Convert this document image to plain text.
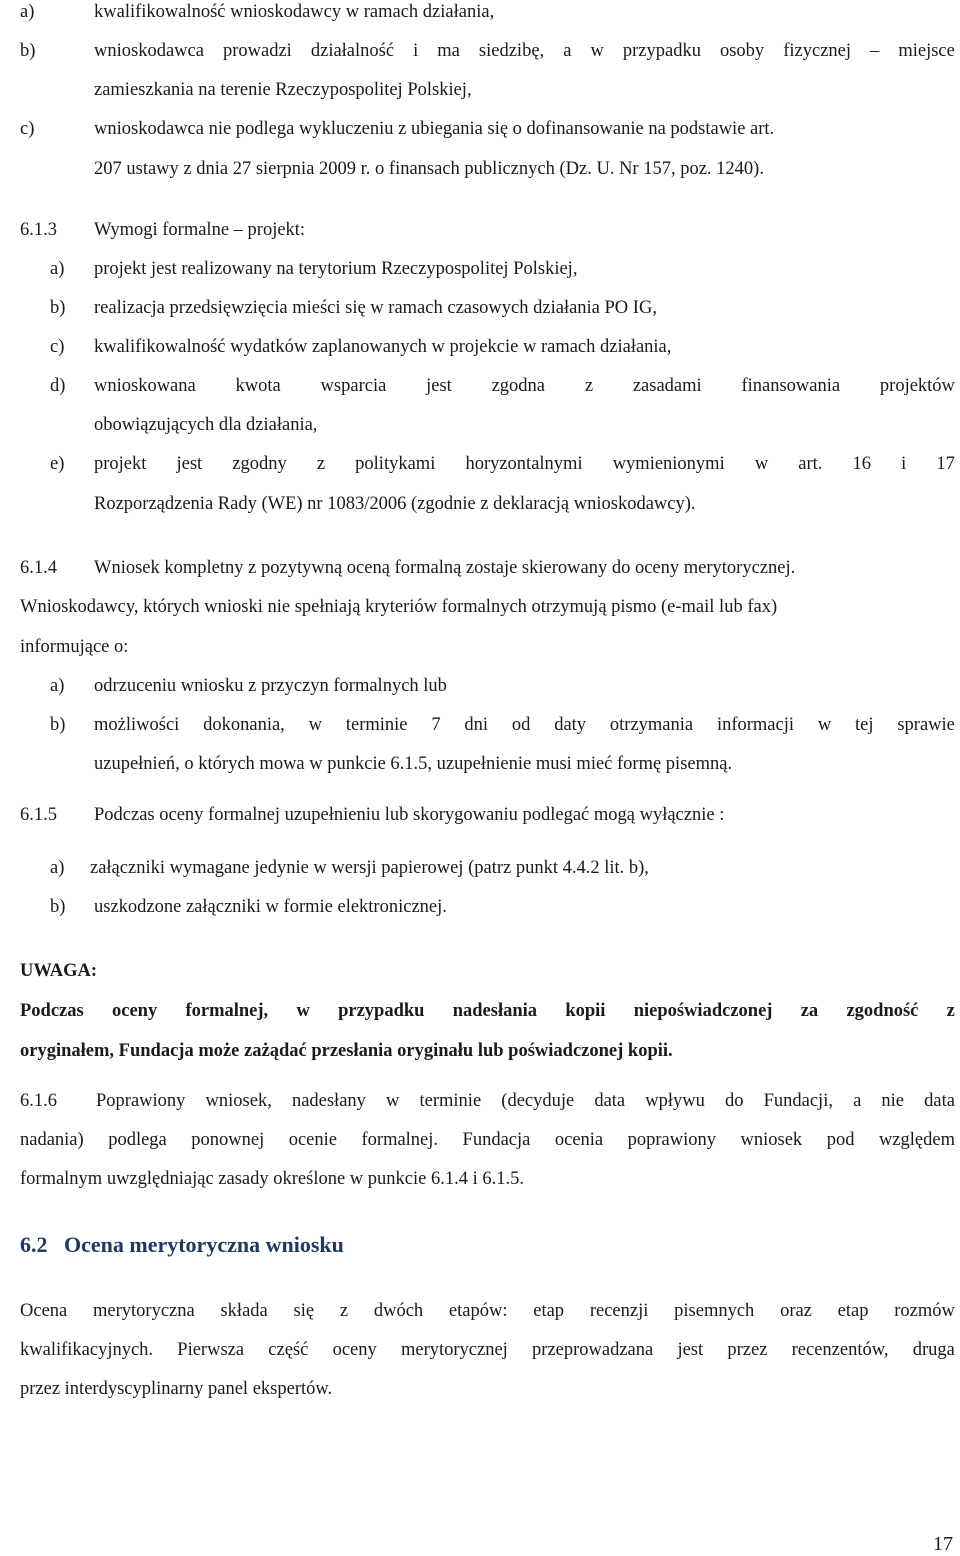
a)	kwalifikowalność wnioskodawcy w ramach działania,
b)	wnioskodawca prowadzi działalność i ma siedzibę, a w przypadku osoby fizycznej – miejsce
zamieszkania na terenie Rzeczypospolitej Polskiej,
c)	wnioskodawca nie podlega wykluczeniu z ubiegania się o dofinansowanie na podstawie art.
207 ustawy z dnia 27 sierpnia 2009 r. o finansach publicznych (Dz. U. Nr 157, poz. 1240).
6.1.3 Wymogi formalne – projekt:
a) projekt jest realizowany na terytorium Rzeczypospolitej Polskiej,
b) realizacja przedsięwzięcia mieści się w ramach czasowych działania PO IG,
c) kwalifikowalność wydatków zaplanowanych w projekcie w ramach działania,
d) wnioskowana kwota wsparcia jest zgodna z zasadami finansowania projektów
obowiązujących dla działania,
e) projekt jest zgodny z politykami horyzontalnymi wymienionymi w art. 16 i 17
Rozporządzenia Rady (WE) nr 1083/2006 (zgodnie z deklaracją wnioskodawcy).
6.1.4 Wniosek kompletny z pozytywną oceną formalną zostaje skierowany do oceny merytorycznej.
Wnioskodawcy, których wnioski nie spełniają kryteriów formalnych otrzymują pismo (e-mail lub fax)
informujące o:
a) odrzuceniu wniosku z przyczyn formalnych lub
b) możliwości dokonania, w terminie 7 dni od daty otrzymania informacji w tej sprawie
uzupełnień, o których mowa w punkcie 6.1.5, uzupełnienie musi mieć formę pisemną.
6.1.5 Podczas oceny formalnej uzupełnieniu lub skorygowaniu podlegać mogą wyłącznie :
a) załączniki wymagane jedynie w wersji papierowej (patrz punkt 4.4.2 lit. b),
b) uszkodzone załączniki w formie elektronicznej.
UWAGA:
Podczas oceny formalnej, w przypadku nadesłania kopii niepoświadczonej za zgodność z
oryginałem, Fundacja może zażądać przesłania oryginału lub poświadczonej kopii.
6.1.6 Poprawiony wniosek, nadesłany w terminie (decyduje data wpływu do Fundacji, a nie data
nadania) podlega ponownej ocenie formalnej. Fundacja ocenia poprawiony wniosek pod względem
formalnym uwzględniając zasady określone w punkcie 6.1.4 i 6.1.5.
6.2 Ocena merytoryczna wniosku
Ocena merytoryczna składa się z dwóch etapów: etap recenzji pisemnych oraz etap rozmów
kwalifikacyjnych. Pierwsza część oceny merytorycznej przeprowadzana jest przez recenzentów, druga
przez interdyscyplinarny panel ekspertów.
17
